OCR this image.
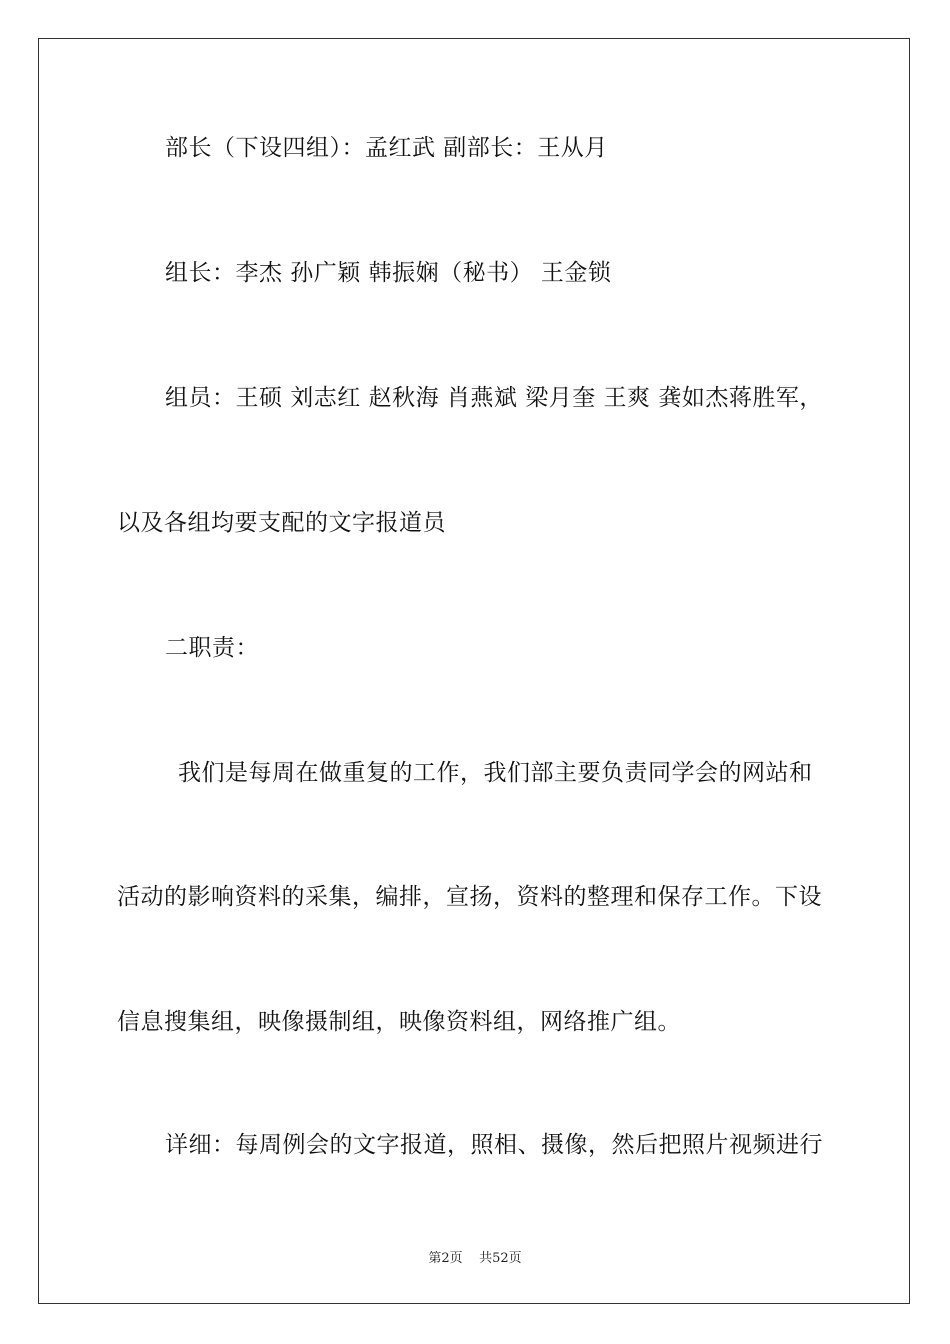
部长（下设四组）：孟红武 副部长：王从月
组长：李杰 孙广颖 韩振娴（秘书） 王金锁
组员：王硕 刘志红 赵秋海 肖燕斌 梁月奎 王爽 龚如杰蒋胜军，
以及各组均要支配的文字报道员
二职责：
我们是每周在做重复的工作，我们部主要负责同学会的网站和
活动的影响资料的采集，编排，宣扬，资料的整理和保存工作。下设
信息搜集组，映像摄制组，映像资料组，网络推广组。
详细：每周例会的文字报道，照相、摄像，然后把照片视频进行
第2页 共52页
